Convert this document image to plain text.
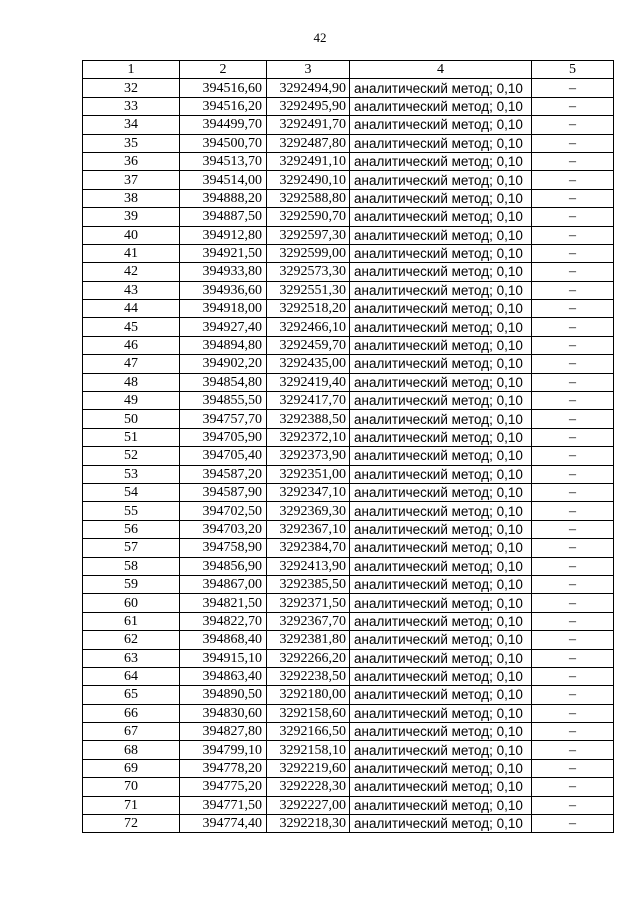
42
1	2	3	4	5
32	394516,60	3292494,90	аналитический метод; 0,10	–
33	394516,20	3292495,90	аналитический метод; 0,10	–
34	394499,70	3292491,70	аналитический метод; 0,10	–
35	394500,70	3292487,80	аналитический метод; 0,10	–
36	394513,70	3292491,10	аналитический метод; 0,10	–
37	394514,00	3292490,10	аналитический метод; 0,10	–
38	394888,20	3292588,80	аналитический метод; 0,10	–
39	394887,50	3292590,70	аналитический метод; 0,10	–
40	394912,80	3292597,30	аналитический метод; 0,10	–
41	394921,50	3292599,00	аналитический метод; 0,10	–
42	394933,80	3292573,30	аналитический метод; 0,10	–
43	394936,60	3292551,30	аналитический метод; 0,10	–
44	394918,00	3292518,20	аналитический метод; 0,10	–
45	394927,40	3292466,10	аналитический метод; 0,10	–
46	394894,80	3292459,70	аналитический метод; 0,10	–
47	394902,20	3292435,00	аналитический метод; 0,10	–
48	394854,80	3292419,40	аналитический метод; 0,10	–
49	394855,50	3292417,70	аналитический метод; 0,10	–
50	394757,70	3292388,50	аналитический метод; 0,10	–
51	394705,90	3292372,10	аналитический метод; 0,10	–
52	394705,40	3292373,90	аналитический метод; 0,10	–
53	394587,20	3292351,00	аналитический метод; 0,10	–
54	394587,90	3292347,10	аналитический метод; 0,10	–
55	394702,50	3292369,30	аналитический метод; 0,10	–
56	394703,20	3292367,10	аналитический метод; 0,10	–
57	394758,90	3292384,70	аналитический метод; 0,10	–
58	394856,90	3292413,90	аналитический метод; 0,10	–
59	394867,00	3292385,50	аналитический метод; 0,10	–
60	394821,50	3292371,50	аналитический метод; 0,10	–
61	394822,70	3292367,70	аналитический метод; 0,10	–
62	394868,40	3292381,80	аналитический метод; 0,10	–
63	394915,10	3292266,20	аналитический метод; 0,10	–
64	394863,40	3292238,50	аналитический метод; 0,10	–
65	394890,50	3292180,00	аналитический метод; 0,10	–
66	394830,60	3292158,60	аналитический метод; 0,10	–
67	394827,80	3292166,50	аналитический метод; 0,10	–
68	394799,10	3292158,10	аналитический метод; 0,10	–
69	394778,20	3292219,60	аналитический метод; 0,10	–
70	394775,20	3292228,30	аналитический метод; 0,10	–
71	394771,50	3292227,00	аналитический метод; 0,10	–
72	394774,40	3292218,30	аналитический метод; 0,10	–
